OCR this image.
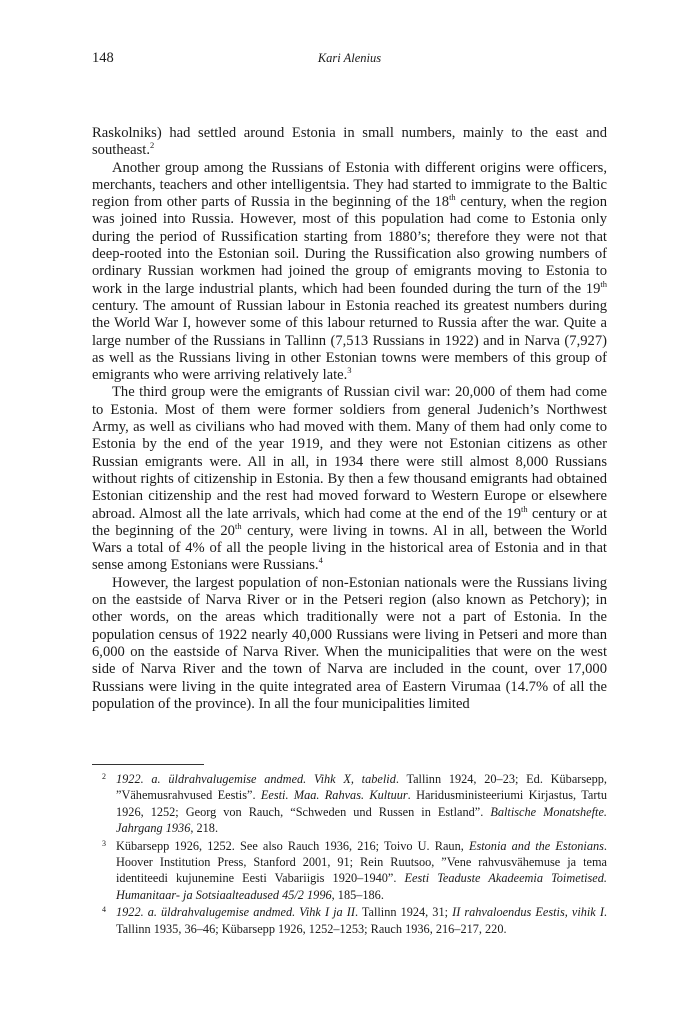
148	Kari Alenius

Raskolniks) had settled around Estonia in small numbers, mainly to the east and southeast.$^2$

Another group among the Russians of Estonia with different origins were officers, merchants, teachers and other intelligentsia. They had started to immigrate to the Baltic region from other parts of Russia in the beginning of the 18th century, when the region was joined into Russia. However, most of this population had come to Estonia only during the period of Russification starting from 1880’s; therefore they were not that deep-rooted into the Estonian soil. During the Russification also growing numbers of ordinary Russian workmen had joined the group of emigrants moving to Estonia to work in the large industrial plants, which had been founded during the turn of the 19th century. The amount of Russian labour in Estonia reached its greatest numbers during the World War I, however some of this labour returned to Russia after the war. Quite a large number of the Russians in Tallinn (7,513 Russians in 1922) and in Narva (7,927) as well as the Russians living in other Estonian towns were members of this group of emigrants who were arriving relatively late.$^3$

The third group were the emigrants of Russian civil war: 20,000 of them had come to Estonia. Most of them were former soldiers from general Judenich’s Northwest Army, as well as civilians who had moved with them. Many of them had only come to Estonia by the end of the year 1919, and they were not Estonian citizens as other Russian emigrants were. All in all, in 1934 there were still almost 8,000 Russians without rights of citizenship in Estonia. By then a few thousand emigrants had obtained Estonian citizenship and the rest had moved forward to Western Europe or elsewhere abroad. Almost all the late arrivals, which had come at the end of the 19th century or at the beginning of the 20th century, were living in towns. Al in all, between the World Wars a total of 4% of all the people living in the historical area of Estonia and in that sense among Estonians were Russians.$^4$

However, the largest population of non-Estonian nationals were the Russians living on the eastside of Narva River or in the Petseri region (also known as Petchory); in other words, on the areas which traditionally were not a part of Estonia. In the population census of 1922 nearly 40,000 Russians were living in Petseri and more than 6,000 on the eastside of Narva River. When the municipalities that were on the west side of Narva River and the town of Narva are included in the count, over 17,000 Russians were living in the quite integrated area of Eastern Virumaa (14.7% of all the population of the province). In all the four municipalities limited

2 1922. a. üldrahvalugemise andmed. Vihk X, tabelid. Tallinn 1924, 20–23; Ed. Kübarsepp, ”Vähemusrahvused Eestis”. Eesti. Maa. Rahvas. Kultuur. Haridusministeeriumi Kirjastus, Tartu 1926, 1252; Georg von Rauch, “Schweden und Russen in Estland”. Baltische Monatshefte. Jahrgang 1936, 218.

3 Kübarsepp 1926, 1252. See also Rauch 1936, 216; Toivo U. Raun, Estonia and the Estonians. Hoover Institution Press, Stanford 2001, 91; Rein Ruutsoo, ”Vene rahvusvähemuse ja tema identiteedi kujunemine Eesti Vabariigis 1920–1940”. Eesti Teaduste Akadeemia Toimetised. Humanitaar- ja Sotsiaalteadused 45/2 1996, 185–186.

4 1922. a. üldrahvalugemise andmed. Vihk I ja II. Tallinn 1924, 31; II rahvaloendus Eestis, vihik I. Tallinn 1935, 36–46; Kübarsepp 1926, 1252–1253; Rauch 1936, 216–217, 220.
